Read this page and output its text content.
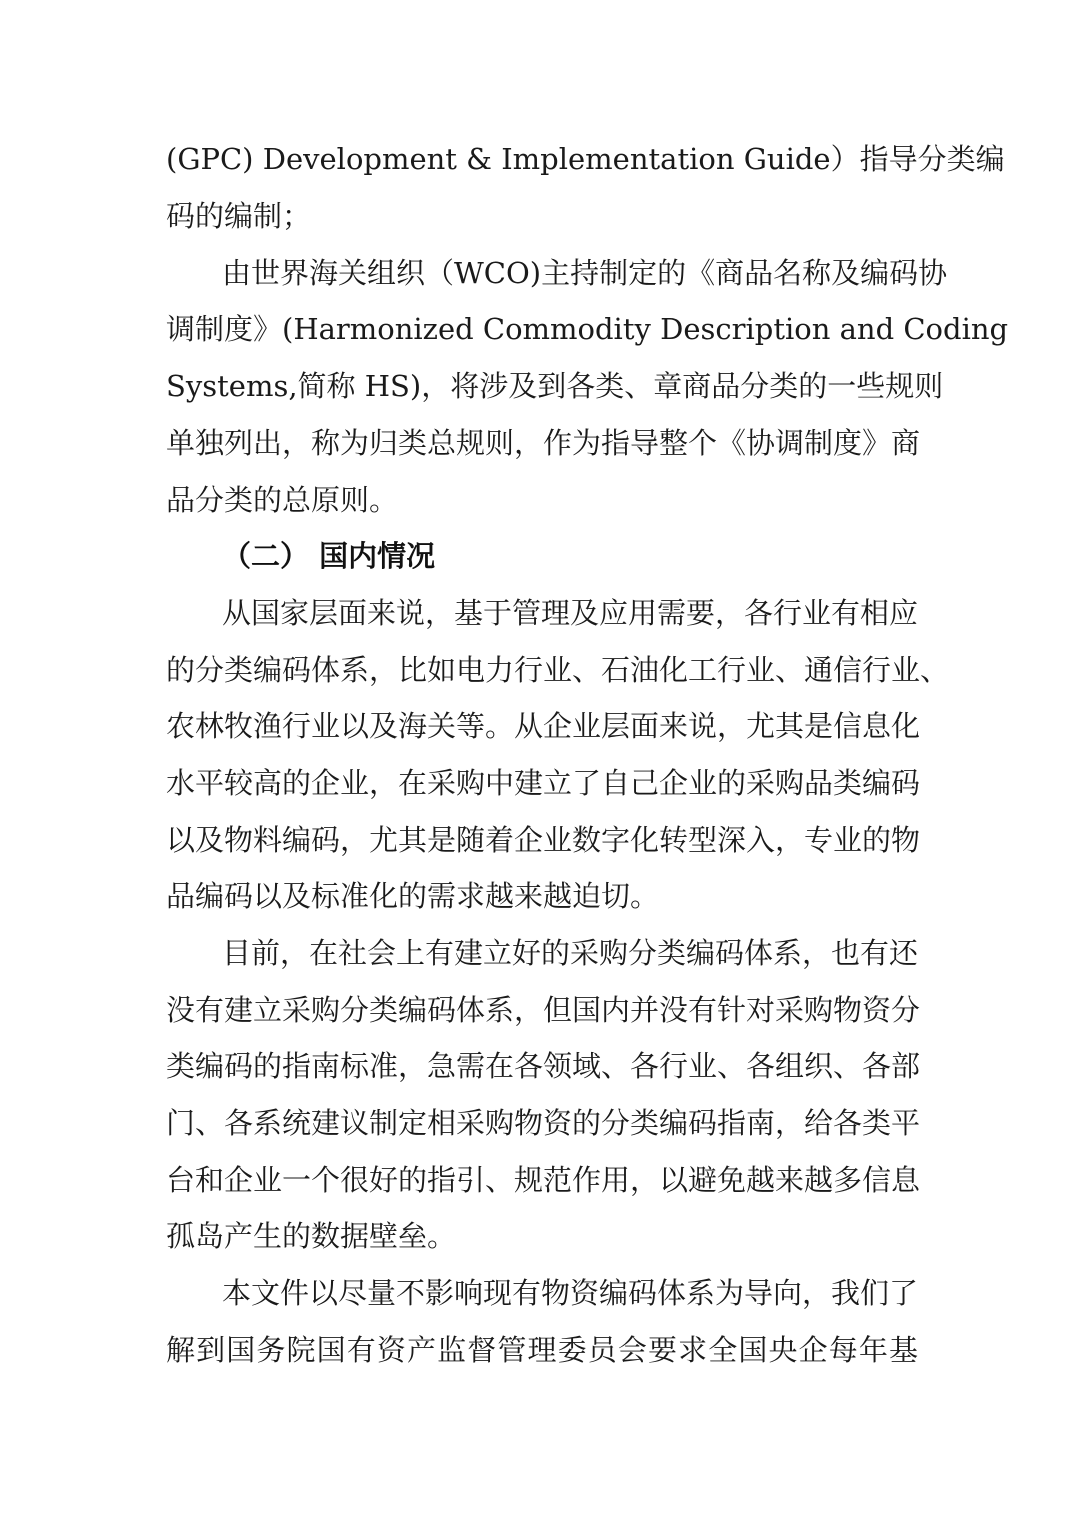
(GPC) Development & Implementation Guide）指导分类编
码的编制；
由世界海关组织（WCO)主持制定的《商品名称及编码协
调制度》(Harmonized Commodity Description and Coding
Systems,简称 HS)，将涉及到各类、章商品分类的一些规则
单独列出，称为归类总规则，作为指导整个《协调制度》商
品分类的总原则。
（二） 国内情况
从国家层面来说，基于管理及应用需要，各行业有相应
的分类编码体系，比如电力行业、石油化工行业、通信行业、
农林牧渔行业以及海关等。从企业层面来说，尤其是信息化
水平较高的企业，在采购中建立了自己企业的采购品类编码
以及物料编码，尤其是随着企业数字化转型深入，专业的物
品编码以及标准化的需求越来越迫切。
目前，在社会上有建立好的采购分类编码体系，也有还
没有建立采购分类编码体系，但国内并没有针对采购物资分
类编码的指南标准，急需在各领域、各行业、各组织、各部
门、各系统建议制定相采购物资的分类编码指南，给各类平
台和企业一个很好的指引、规范作用，以避免越来越多信息
孤岛产生的数据壁垒。
本文件以尽量不影响现有物资编码体系为导向，我们了
解到国务院国有资产监督管理委员会要求全国央企每年基
